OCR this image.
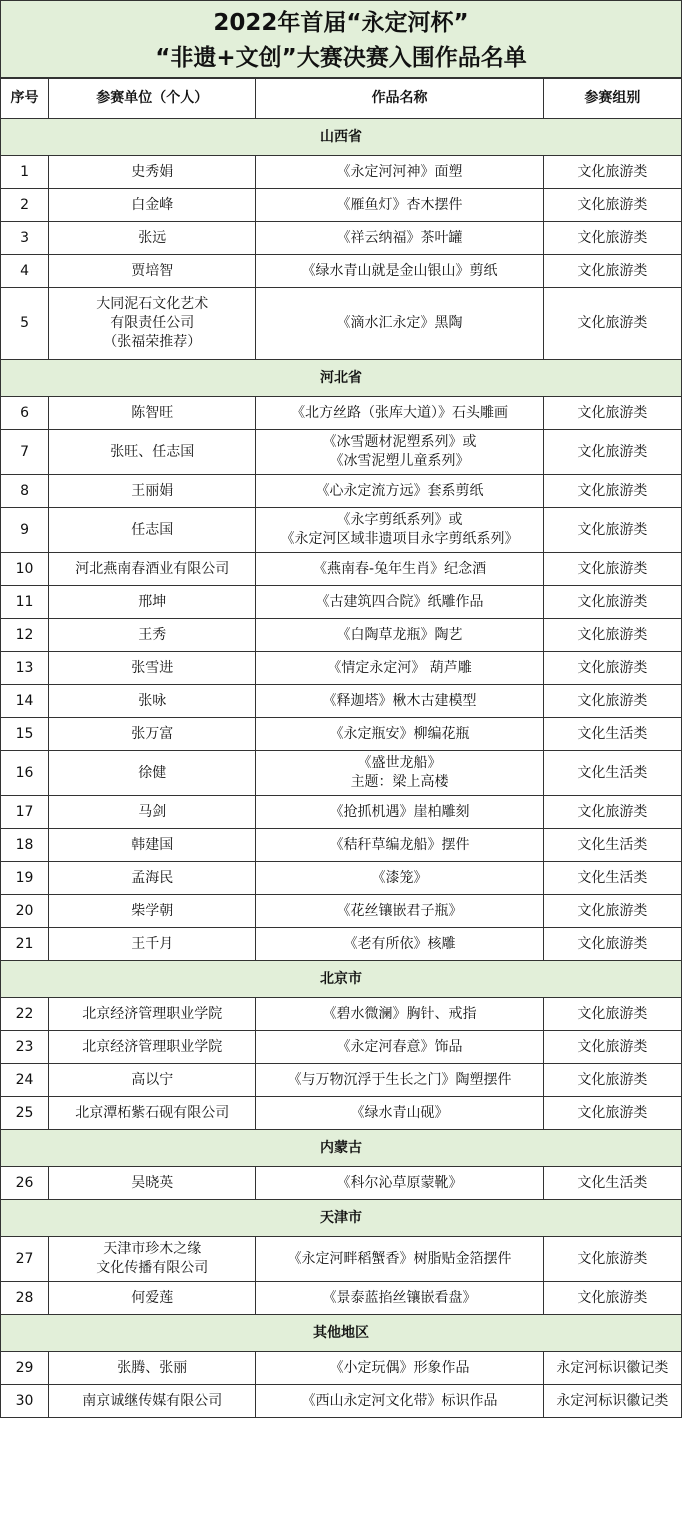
2022年首届“永定河杯”
“非遗+文创”大赛决赛入围作品名单
序号	参赛单位（个人）	作品名称	参赛组别
山西省			
1	史秀娟	《永定河河神》面塑	文化旅游类
2	白金峰	《雁鱼灯》杏木摆件	文化旅游类
3	张远	《祥云纳福》茶叶罐	文化旅游类
4	贾培智	《绿水青山就是金山银山》剪纸	文化旅游类
5	大同泥石文化艺术
有限责任公司
（张福荣推荐）	《滴水汇永定》黑陶	文化旅游类
河北省			
6	陈智旺	《北方丝路（张库大道）》石头雕画	文化旅游类
7	张旺、任志国	《冰雪题材泥塑系列》或
《冰雪泥塑儿童系列》	文化旅游类
8	王丽娟	《心永定流方远》套系剪纸	文化旅游类
9	任志国	《永字剪纸系列》或
《永定河区域非遗项目永字剪纸系列》	文化旅游类
10	河北燕南春酒业有限公司	《燕南春-兔年生肖》纪念酒	文化旅游类
11	邢坤	《古建筑四合院》纸雕作品	文化旅游类
12	王秀	《白陶草龙瓶》陶艺	文化旅游类
13	张雪进	《情定永定河》 葫芦雕	文化旅游类
14	张咏	《释迦塔》楸木古建模型	文化旅游类
15	张万富	《永定瓶安》柳编花瓶	文化生活类
16	徐健	《盛世龙船》
主题：梁上高楼	文化生活类
17	马剑	《抢抓机遇》崖柏雕刻	文化旅游类
18	韩建国	《秸秆草编龙船》摆件	文化生活类
19	孟海民	《漆笼》	文化生活类
20	柴学朝	《花丝镶嵌君子瓶》	文化旅游类
21	王千月	《老有所依》核雕	文化旅游类
北京市			
22	北京经济管理职业学院	《碧水微澜》胸针、戒指	文化旅游类
23	北京经济管理职业学院	《永定河春意》饰品	文化旅游类
24	高以宁	《与万物沉浮于生长之门》陶塑摆件	文化旅游类
25	北京潭柘紫石砚有限公司	《绿水青山砚》	文化旅游类
内蒙古			
26	吴晓英	《科尔沁草原蒙靴》	文化生活类
天津市			
27	天津市珍木之缘
文化传播有限公司	《永定河畔稻蟹香》树脂贴金箔摆件	文化旅游类
28	何爱莲	《景泰蓝掐丝镶嵌看盘》	文化旅游类
其他地区			
29	张腾、张丽	《小定玩偶》形象作品	永定河标识徽记类
30	南京诚继传媒有限公司	《西山永定河文化带》标识作品	永定河标识徽记类
